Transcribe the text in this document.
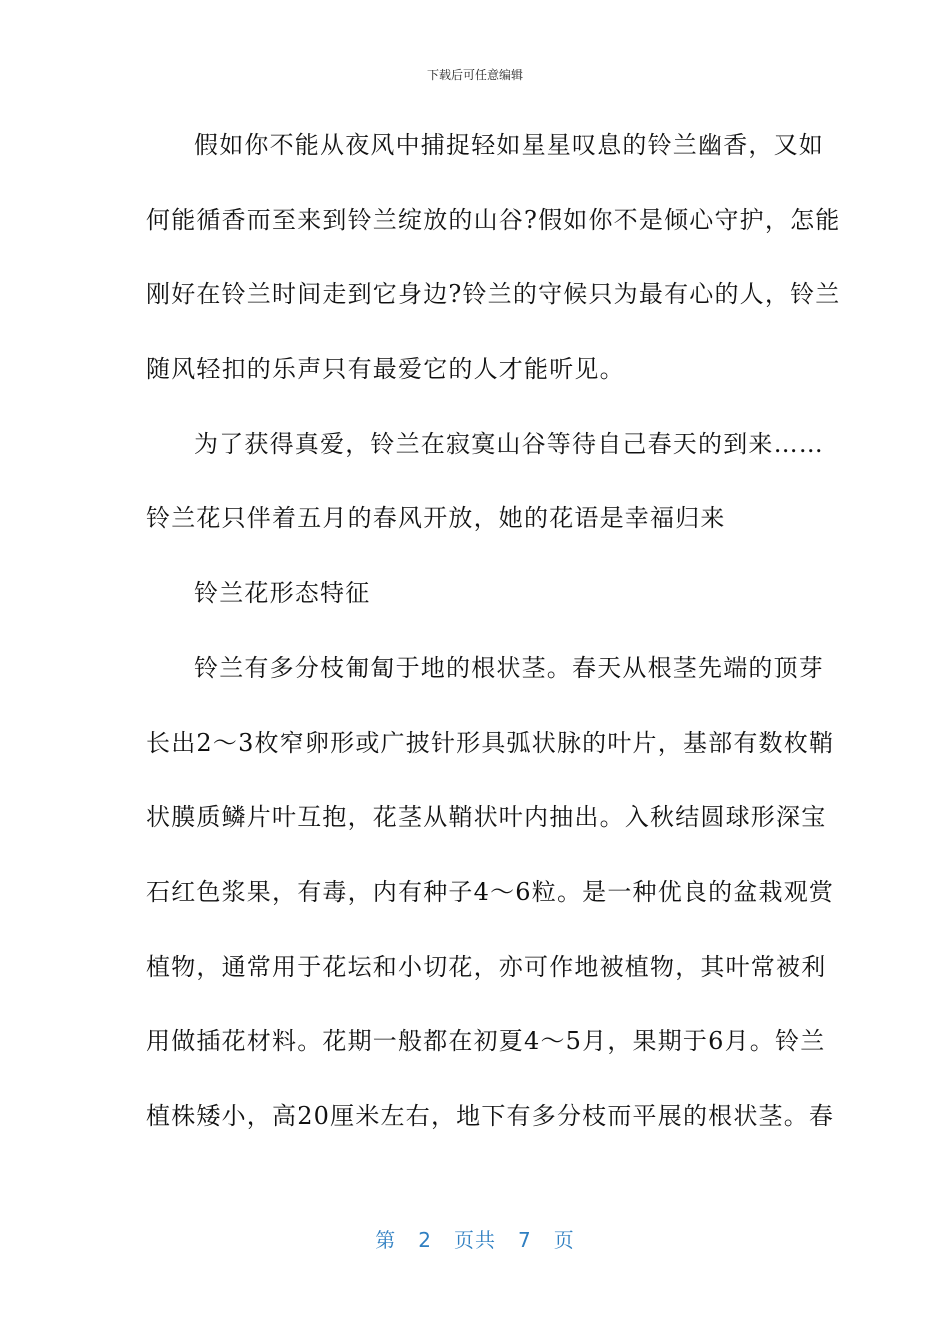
下载后可任意编辑
假如你不能从夜风中捕捉轻如星星叹息的铃兰幽香，又如
何能循香而至来到铃兰绽放的山谷?假如你不是倾心守护，怎能
刚好在铃兰时间走到它身边?铃兰的守候只为最有心的人，铃兰
随风轻扣的乐声只有最爱它的人才能听见。
为了获得真爱，铃兰在寂寞山谷等待自己春天的到来……
铃兰花只伴着五月的春风开放，她的花语是幸福归来
铃兰花形态特征
铃兰有多分枝匍匐于地的根状茎。春天从根茎先端的顶芽
长出2～3枚窄卵形或广披针形具弧状脉的叶片，基部有数枚鞘
状膜质鳞片叶互抱，花茎从鞘状叶内抽出。入秋结圆球形深宝
石红色浆果，有毒，内有种子4～6粒。是一种优良的盆栽观赏
植物，通常用于花坛和小切花，亦可作地被植物，其叶常被利
用做插花材料。花期一般都在初夏4～5月，果期于6月。铃兰
植株矮小，高20厘米左右，地下有多分枝而平展的根状茎。春
第 2 页共 7 页
